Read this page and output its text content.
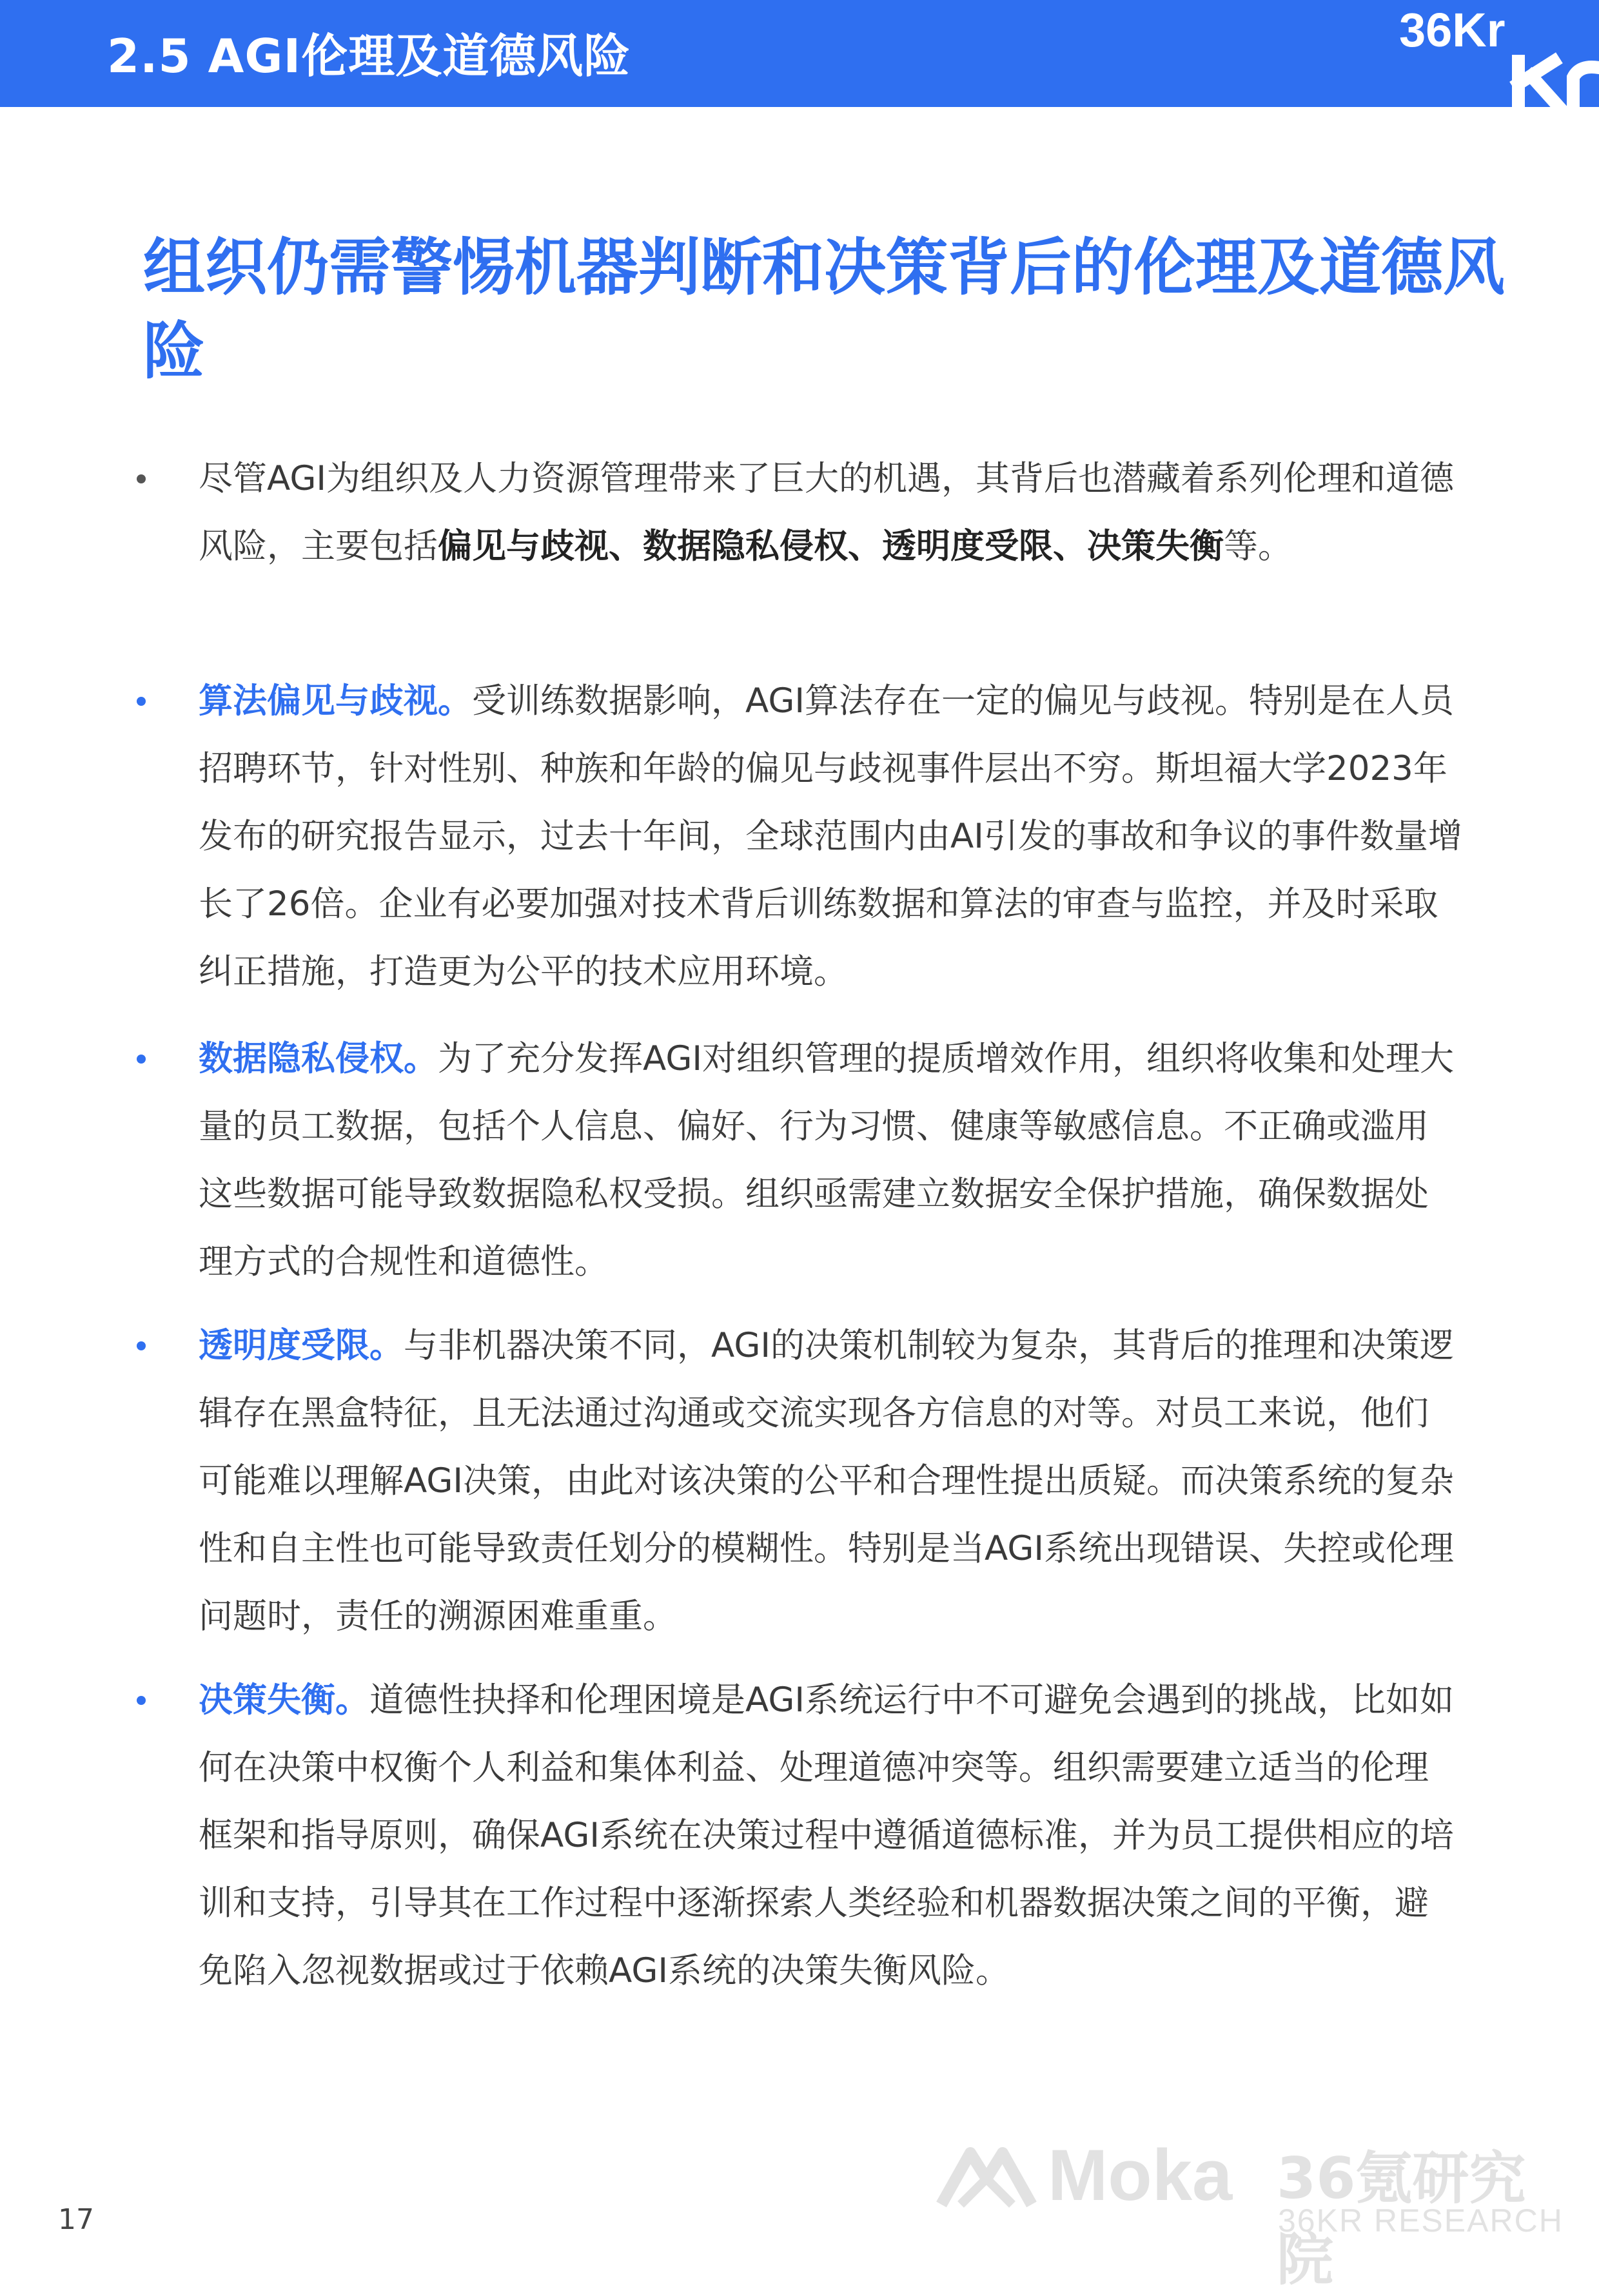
2.5 AGI伦理及道德风险	36Kr
组织仍需警惕机器判断和决策背后的伦理及道德风险
尽管AGI为组织及人力资源管理带来了巨大的机遇，其背后也潜藏着系列伦理和道德风险，主要包括偏见与歧视、数据隐私侵权、透明度受限、决策失衡等。
算法偏见与歧视。受训练数据影响，AGI算法存在一定的偏见与歧视。特别是在人员招聘环节，针对性别、种族和年龄的偏见与歧视事件层出不穷。斯坦福大学2023年发布的研究报告显示，过去十年间，全球范围内由AI引发的事故和争议的事件数量增长了26倍。企业有必要加强对技术背后训练数据和算法的审查与监控，并及时采取纠正措施，打造更为公平的技术应用环境。
数据隐私侵权。为了充分发挥AGI对组织管理的提质增效作用，组织将收集和处理大量的员工数据，包括个人信息、偏好、行为习惯、健康等敏感信息。不正确或滥用这些数据可能导致数据隐私权受损。组织亟需建立数据安全保护措施，确保数据处理方式的合规性和道德性。
透明度受限。与非机器决策不同，AGI的决策机制较为复杂，其背后的推理和决策逻辑存在黑盒特征，且无法通过沟通或交流实现各方信息的对等。对员工来说，他们可能难以理解AGI决策，由此对该决策的公平和合理性提出质疑。而决策系统的复杂性和自主性也可能导致责任划分的模糊性。特别是当AGI系统出现错误、失控或伦理问题时，责任的溯源困难重重。
决策失衡。道德性抉择和伦理困境是AGI系统运行中不可避免会遇到的挑战，比如如何在决策中权衡个人利益和集体利益、处理道德冲突等。组织需要建立适当的伦理框架和指导原则，确保AGI系统在决策过程中遵循道德标准，并为员工提供相应的培训和支持，引导其在工作过程中逐渐探索人类经验和机器数据决策之间的平衡，避免陷入忽视数据或过于依赖AGI系统的决策失衡风险。
Moka 36氪研究院
36KR RESEARCH
17
